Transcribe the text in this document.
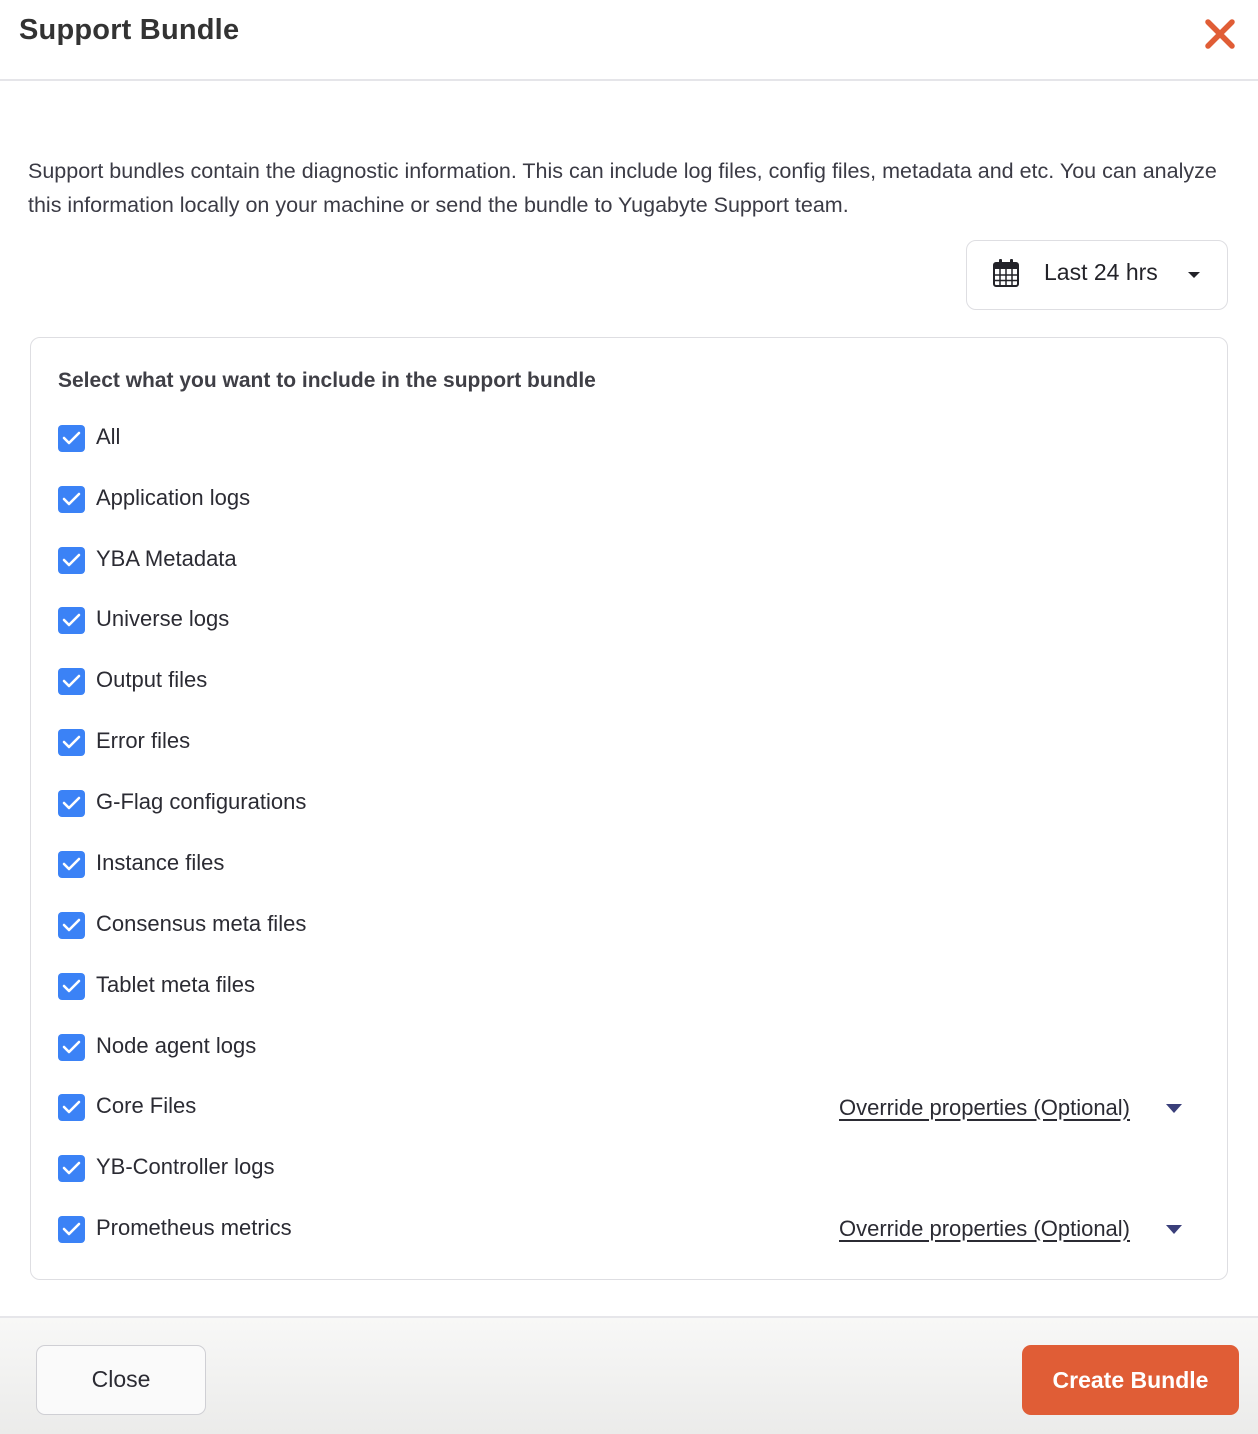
Support Bundle
Support bundles contain the diagnostic information. This can include log files, config files, metadata and etc. You can analyze this information locally on your machine or send the bundle to Yugabyte Support team.
Last 24 hrs
Select what you want to include in the support bundle
All
Application logs
YBA Metadata
Universe logs
Output files
Error files
G-Flag configurations
Instance files
Consensus meta files
Tablet meta files
Node agent logs
Core Files	Override properties (Optional)
YB-Controller logs
Prometheus metrics	Override properties (Optional)
Close	Create Bundle
